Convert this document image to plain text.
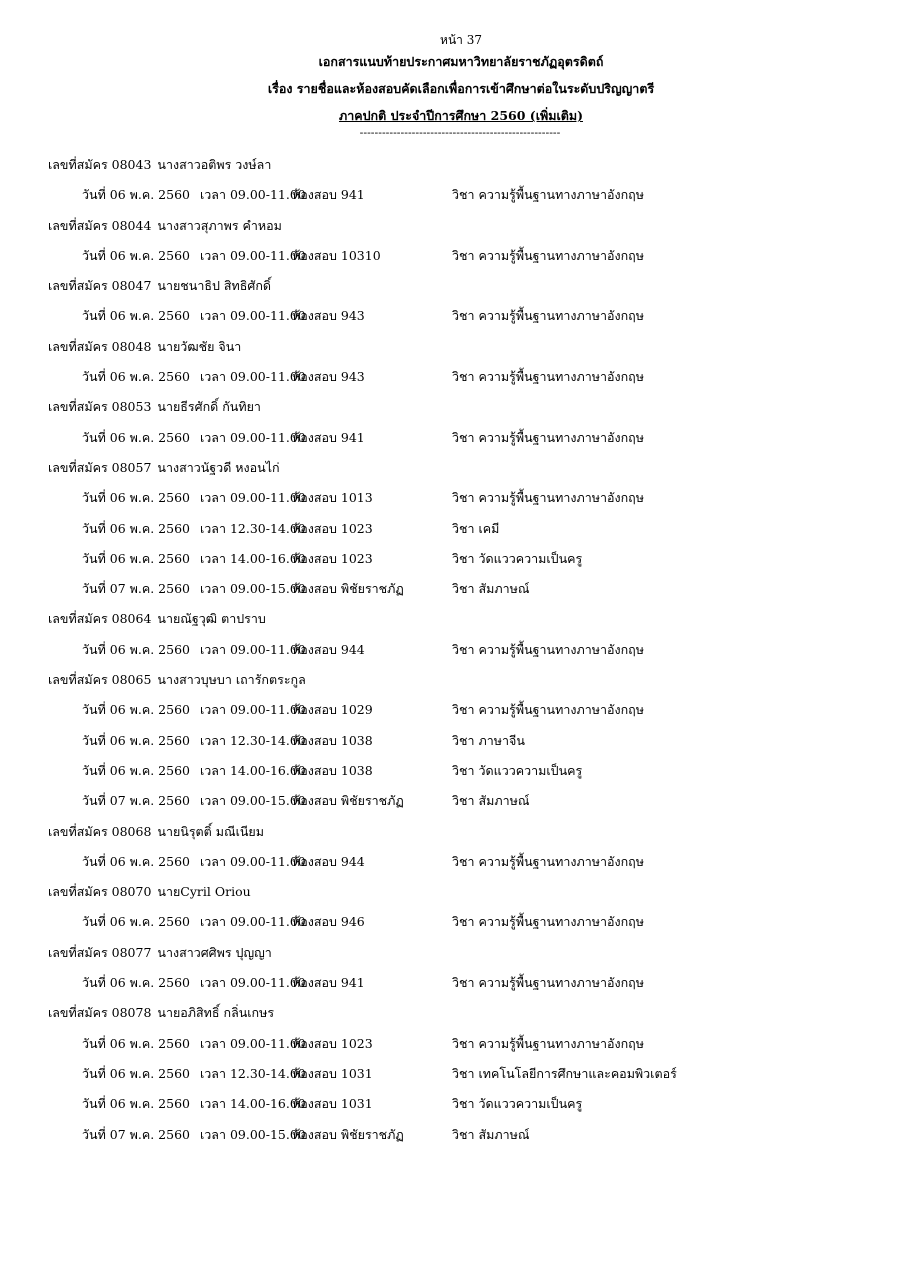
หน้า 37
เอกสารแนบท้ายประกาศมหาวิทยาลัยราชภัฏอุตรดิตถ์
เรื่อง รายชื่อและห้องสอบคัดเลือกเพื่อการเข้าศึกษาต่อในระดับปริญญาตรี
ภาคปกติ ประจำปีการศึกษา 2560 (เพิ่มเติม)
------------------------------------------------------
เลขที่สมัคร 08043 นางสาวอติพร วงษ์ลา
วันที่ 06 พ.ค. 2560 เวลา 09.00-11.00ห้องสอบ 941	วิชา ความรู้พื้นฐานทางภาษาอังกฤษ
เลขที่สมัคร 08044 นางสาวสุภาพร คำหอม
วันที่ 06 พ.ค. 2560 เวลา 09.00-11.00ห้องสอบ 10310	วิชา ความรู้พื้นฐานทางภาษาอังกฤษ
เลขที่สมัคร 08047 นายชนาธิป สิทธิศักดิ์
วันที่ 06 พ.ค. 2560 เวลา 09.00-11.00ห้องสอบ 943	วิชา ความรู้พื้นฐานทางภาษาอังกฤษ
เลขที่สมัคร 08048 นายวัฒชัย จินา
วันที่ 06 พ.ค. 2560 เวลา 09.00-11.00ห้องสอบ 943	วิชา ความรู้พื้นฐานทางภาษาอังกฤษ
เลขที่สมัคร 08053 นายธีรศักดิ์ กันทิยา
วันที่ 06 พ.ค. 2560 เวลา 09.00-11.00ห้องสอบ 941	วิชา ความรู้พื้นฐานทางภาษาอังกฤษ
เลขที่สมัคร 08057 นางสาวนัฐวดี หงอนไก่
วันที่ 06 พ.ค. 2560 เวลา 09.00-11.00ห้องสอบ 1013	วิชา ความรู้พื้นฐานทางภาษาอังกฤษ
วันที่ 06 พ.ค. 2560 เวลา 12.30-14.00ห้องสอบ 1023	วิชา เคมี
วันที่ 06 พ.ค. 2560 เวลา 14.00-16.00ห้องสอบ 1023	วิชา วัดแววความเป็นครู
วันที่ 07 พ.ค. 2560 เวลา 09.00-15.00ห้องสอบ พิชัยราชภัฏ	วิชา สัมภาษณ์
เลขที่สมัคร 08064 นายณัฐวุฒิ ตาปราบ
วันที่ 06 พ.ค. 2560 เวลา 09.00-11.00ห้องสอบ 944	วิชา ความรู้พื้นฐานทางภาษาอังกฤษ
เลขที่สมัคร 08065 นางสาวบุษบา เถารักตระกูล
วันที่ 06 พ.ค. 2560 เวลา 09.00-11.00ห้องสอบ 1029	วิชา ความรู้พื้นฐานทางภาษาอังกฤษ
วันที่ 06 พ.ค. 2560 เวลา 12.30-14.00ห้องสอบ 1038	วิชา ภาษาจีน
วันที่ 06 พ.ค. 2560 เวลา 14.00-16.00ห้องสอบ 1038	วิชา วัดแววความเป็นครู
วันที่ 07 พ.ค. 2560 เวลา 09.00-15.00ห้องสอบ พิชัยราชภัฏ	วิชา สัมภาษณ์
เลขที่สมัคร 08068 นายนิรุตติ์ มณีเนียม
วันที่ 06 พ.ค. 2560 เวลา 09.00-11.00ห้องสอบ 944	วิชา ความรู้พื้นฐานทางภาษาอังกฤษ
เลขที่สมัคร 08070 นายCyril Oriou
วันที่ 06 พ.ค. 2560 เวลา 09.00-11.00ห้องสอบ 946	วิชา ความรู้พื้นฐานทางภาษาอังกฤษ
เลขที่สมัคร 08077 นางสาวศศิพร ปุญญา
วันที่ 06 พ.ค. 2560 เวลา 09.00-11.00ห้องสอบ 941	วิชา ความรู้พื้นฐานทางภาษาอังกฤษ
เลขที่สมัคร 08078 นายอภิสิทธิ์ กลิ่นเกษร
วันที่ 06 พ.ค. 2560 เวลา 09.00-11.00ห้องสอบ 1023	วิชา ความรู้พื้นฐานทางภาษาอังกฤษ
วันที่ 06 พ.ค. 2560 เวลา 12.30-14.00ห้องสอบ 1031	วิชา เทคโนโลยีการศึกษาและคอมพิวเตอร์
วันที่ 06 พ.ค. 2560 เวลา 14.00-16.00ห้องสอบ 1031	วิชา วัดแววความเป็นครู
วันที่ 07 พ.ค. 2560 เวลา 09.00-15.00ห้องสอบ พิชัยราชภัฏ	วิชา สัมภาษณ์
